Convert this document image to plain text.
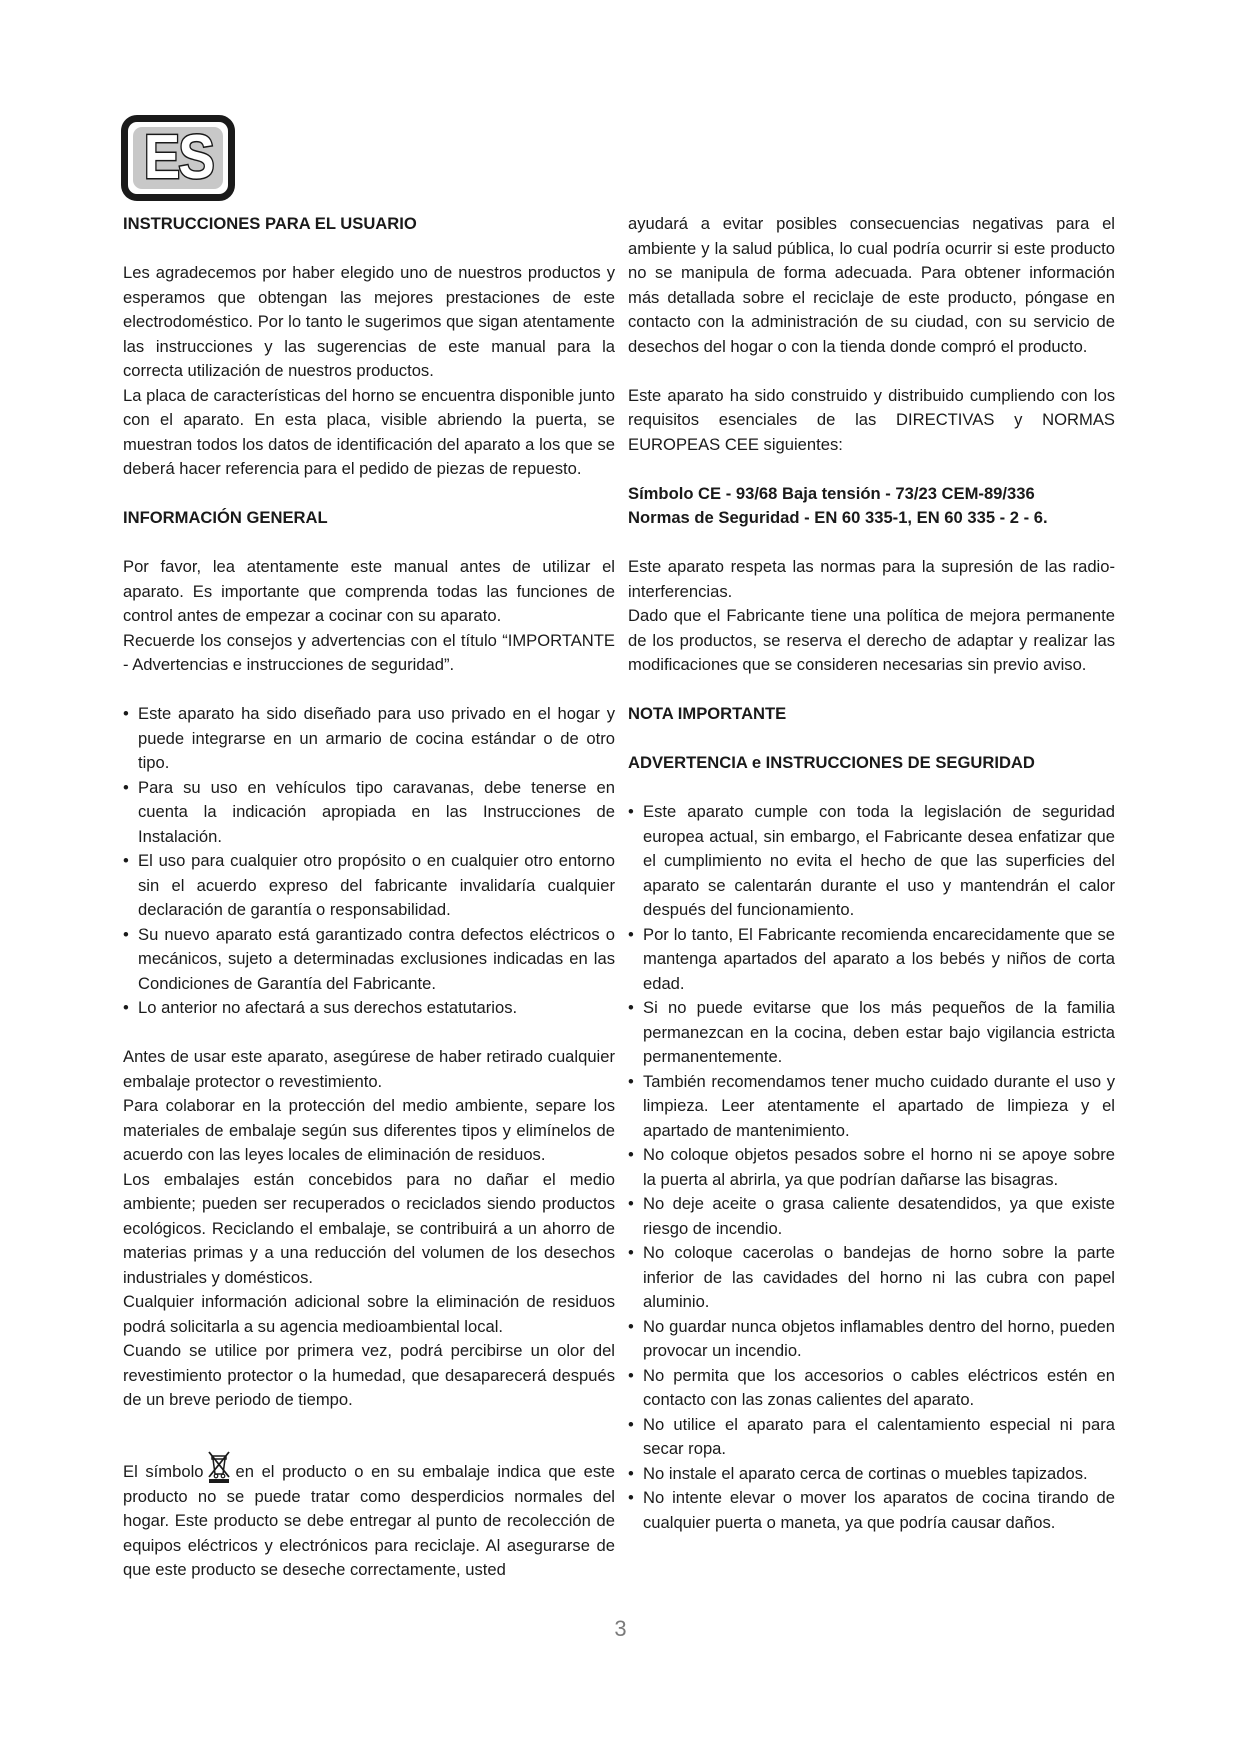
ES
INSTRUCCIONES PARA EL USUARIO

Les agradecemos por haber elegido uno de nuestros productos y esperamos que obtengan las mejores prestaciones de este electrodoméstico. Por lo tanto le sugerimos que sigan atentamente las instrucciones y las sugerencias de este manual para la correcta utilización de nuestros productos.

La placa de características del horno se encuentra disponible junto con el aparato. En esta placa, visible abriendo la puerta, se muestran todos los datos de identificación del aparato a los que se deberá hacer referencia para el pedido de piezas de repuesto.

INFORMACIÓN GENERAL

Por favor, lea atentamente este manual antes de utilizar el aparato. Es importante que comprenda todas las funciones de control antes de empezar a cocinar con su aparato.

Recuerde los consejos y advertencias con el título “IMPORTANTE - Advertencias e instrucciones de seguridad”.

• Este aparato ha sido diseñado para uso privado en el hogar y puede integrarse en un armario de cocina estándar o de otro tipo.
• Para su uso en vehículos tipo caravanas, debe tenerse en cuenta la indicación apropiada en las Instrucciones de Instalación.
• El uso para cualquier otro propósito o en cualquier otro entorno sin el acuerdo expreso del fabricante invalidaría cualquier declaración de garantía o responsabilidad.
• Su nuevo aparato está garantizado contra defectos eléctricos o mecánicos, sujeto a determinadas exclusiones indicadas en las Condiciones de Garantía del Fabricante.
• Lo anterior no afectará a sus derechos estatutarios.

Antes de usar este aparato, asegúrese de haber retirado cualquier embalaje protector o revestimiento.

Para colaborar en la protección del medio ambiente, separe los materiales de embalaje según sus diferentes tipos y elimínelos de acuerdo con las leyes locales de eliminación de residuos.

Los embalajes están concebidos para no dañar el medio ambiente; pueden ser recuperados o reciclados siendo productos ecológicos. Reciclando el embalaje, se contribuirá a un ahorro de materias primas y a una reducción del volumen de los desechos industriales y domésticos.

Cualquier información adicional sobre la eliminación de residuos podrá solicitarla a su agencia medioambiental local.

Cuando se utilice por primera vez, podrá percibirse un olor del revestimiento protector o la humedad, que desaparecerá después de un breve periodo de tiempo.

El símbolo en el producto o en su embalaje indica que este producto no se puede tratar como desperdicios normales del hogar. Este producto se debe entregar al punto de recolección de equipos eléctricos y electrónicos para reciclaje. Al asegurarse de que este producto se deseche correctamente, usted

ayudará a evitar posibles consecuencias negativas para el ambiente y la salud pública, lo cual podría ocurrir si este producto no se manipula de forma adecuada. Para obtener información más detallada sobre el reciclaje de este producto, póngase en contacto con la administración de su ciudad, con su servicio de desechos del hogar o con la tienda donde compró el producto.

Este aparato ha sido construido y distribuido cumpliendo con los requisitos esenciales de las DIRECTIVAS y NORMAS EUROPEAS CEE siguientes:

Símbolo CE - 93/68 Baja tensión - 73/23 CEM-89/336

Normas de Seguridad - EN 60 335-1, EN 60 335 - 2 - 6.

Este aparato respeta las normas para la supresión de las radio-interferencias.

Dado que el Fabricante tiene una política de mejora permanente de los productos, se reserva el derecho de adaptar y realizar las modificaciones que se consideren necesarias sin previo aviso.

NOTA IMPORTANTE
ADVERTENCIA e INSTRUCCIONES DE SEGURIDAD
• Este aparato cumple con toda la legislación de seguridad europea actual, sin embargo, el Fabricante desea enfatizar que el cumplimiento no evita el hecho de que las superficies del aparato se calentarán durante el uso y mantendrán el calor después del funcionamiento.
• Por lo tanto, El Fabricante recomienda encarecidamente que se mantenga apartados del aparato a los bebés y niños de corta edad.
• Si no puede evitarse que los más pequeños de la familia permanezcan en la cocina, deben estar bajo vigilancia estricta permanentemente.
• También recomendamos tener mucho cuidado durante el uso y limpieza. Leer atentamente el apartado de limpieza y el apartado de mantenimiento.
• No coloque objetos pesados sobre el horno ni se apoye sobre la puerta al abrirla, ya que podrían dañarse las bisagras.
• No deje aceite o grasa caliente desatendidos, ya que existe riesgo de incendio.
• No coloque cacerolas o bandejas de horno sobre la parte inferior de las cavidades del horno ni las cubra con papel aluminio.
• No guardar nunca objetos inflamables dentro del horno, pueden provocar un incendio.
• No permita que los accesorios o cables eléctricos estén en contacto con las zonas calientes del aparato.
• No utilice el aparato para el calentamiento especial ni para secar ropa.
• No instale el aparato cerca de cortinas o muebles tapizados.
• No intente elevar o mover los aparatos de cocina tirando de cualquier puerta o maneta, ya que podría causar daños.
3
